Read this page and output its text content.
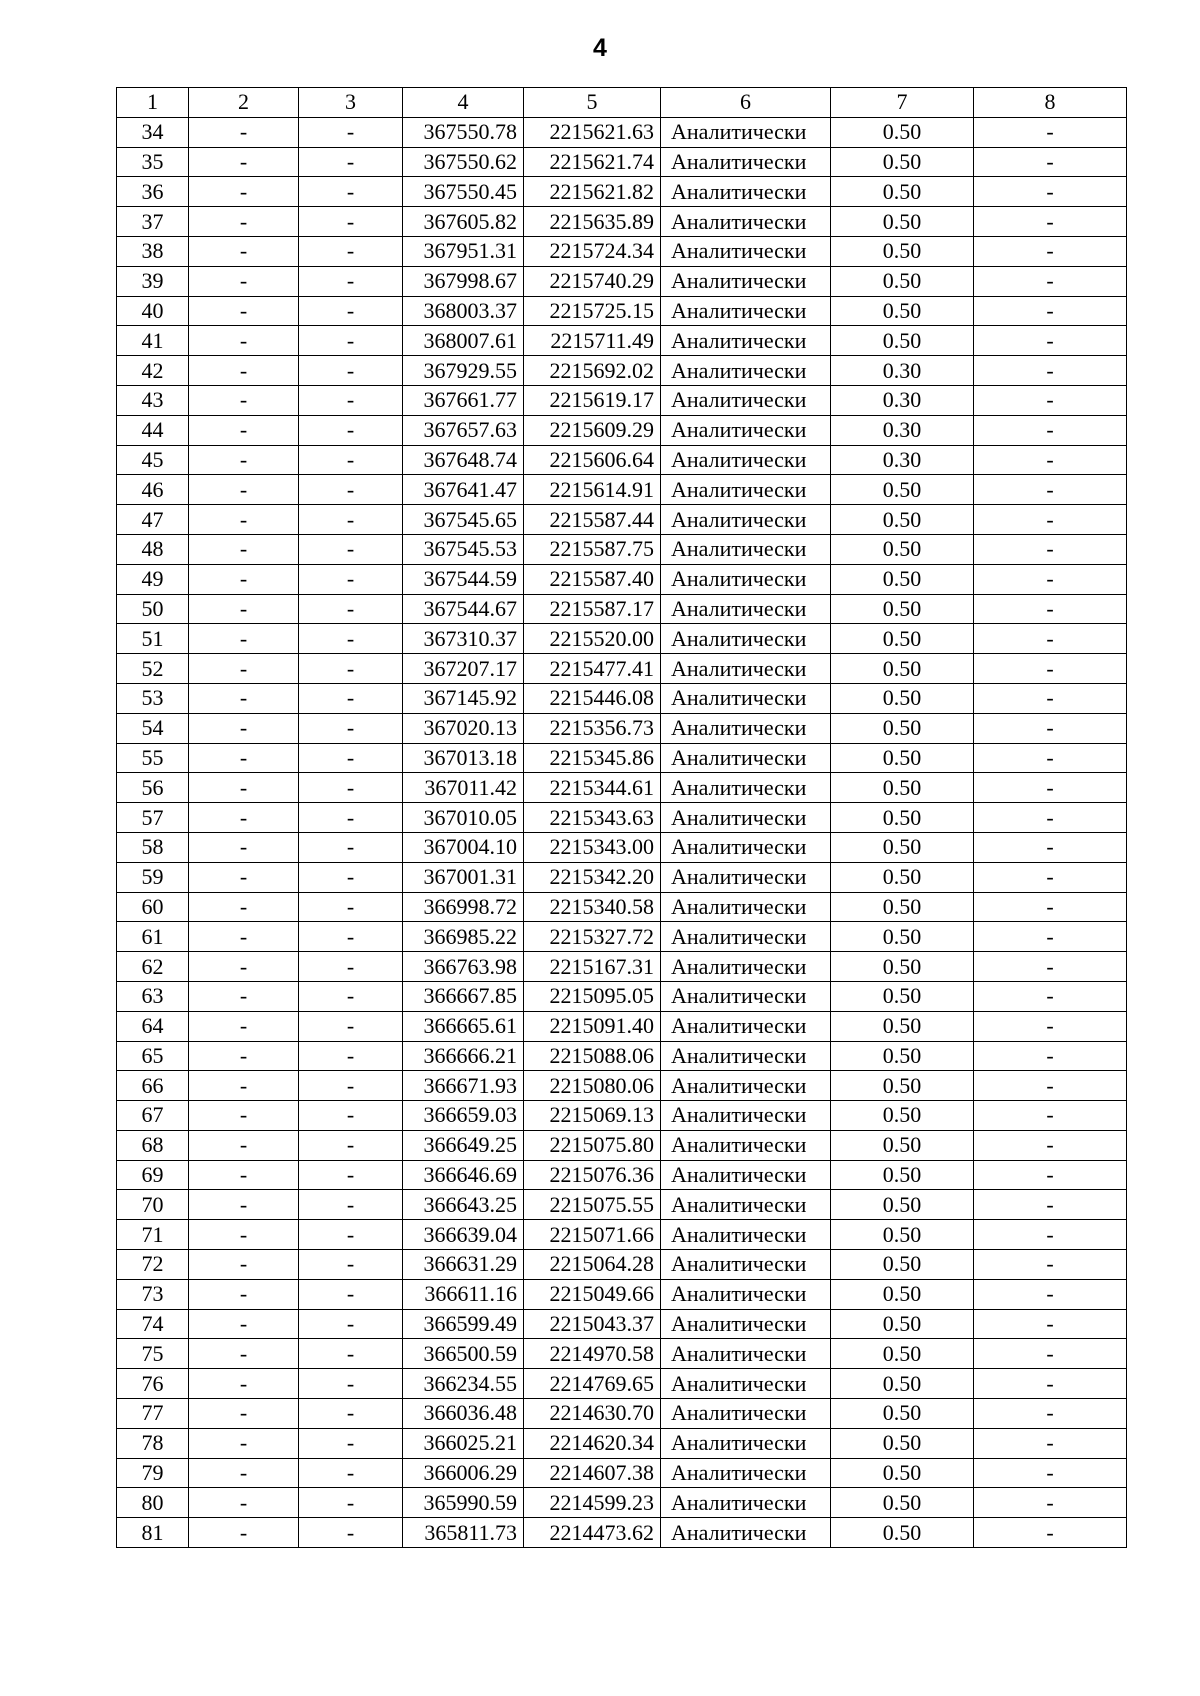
4
1	2	3	4	5	6	7	8
34	-	-	367550.78	2215621.63	Аналитически	0.50	-
35	-	-	367550.62	2215621.74	Аналитически	0.50	-
36	-	-	367550.45	2215621.82	Аналитически	0.50	-
37	-	-	367605.82	2215635.89	Аналитически	0.50	-
38	-	-	367951.31	2215724.34	Аналитически	0.50	-
39	-	-	367998.67	2215740.29	Аналитически	0.50	-
40	-	-	368003.37	2215725.15	Аналитически	0.50	-
41	-	-	368007.61	2215711.49	Аналитически	0.50	-
42	-	-	367929.55	2215692.02	Аналитически	0.30	-
43	-	-	367661.77	2215619.17	Аналитически	0.30	-
44	-	-	367657.63	2215609.29	Аналитически	0.30	-
45	-	-	367648.74	2215606.64	Аналитически	0.30	-
46	-	-	367641.47	2215614.91	Аналитически	0.50	-
47	-	-	367545.65	2215587.44	Аналитически	0.50	-
48	-	-	367545.53	2215587.75	Аналитически	0.50	-
49	-	-	367544.59	2215587.40	Аналитически	0.50	-
50	-	-	367544.67	2215587.17	Аналитически	0.50	-
51	-	-	367310.37	2215520.00	Аналитически	0.50	-
52	-	-	367207.17	2215477.41	Аналитически	0.50	-
53	-	-	367145.92	2215446.08	Аналитически	0.50	-
54	-	-	367020.13	2215356.73	Аналитически	0.50	-
55	-	-	367013.18	2215345.86	Аналитически	0.50	-
56	-	-	367011.42	2215344.61	Аналитически	0.50	-
57	-	-	367010.05	2215343.63	Аналитически	0.50	-
58	-	-	367004.10	2215343.00	Аналитически	0.50	-
59	-	-	367001.31	2215342.20	Аналитически	0.50	-
60	-	-	366998.72	2215340.58	Аналитически	0.50	-
61	-	-	366985.22	2215327.72	Аналитически	0.50	-
62	-	-	366763.98	2215167.31	Аналитически	0.50	-
63	-	-	366667.85	2215095.05	Аналитически	0.50	-
64	-	-	366665.61	2215091.40	Аналитически	0.50	-
65	-	-	366666.21	2215088.06	Аналитически	0.50	-
66	-	-	366671.93	2215080.06	Аналитически	0.50	-
67	-	-	366659.03	2215069.13	Аналитически	0.50	-
68	-	-	366649.25	2215075.80	Аналитически	0.50	-
69	-	-	366646.69	2215076.36	Аналитически	0.50	-
70	-	-	366643.25	2215075.55	Аналитически	0.50	-
71	-	-	366639.04	2215071.66	Аналитически	0.50	-
72	-	-	366631.29	2215064.28	Аналитически	0.50	-
73	-	-	366611.16	2215049.66	Аналитически	0.50	-
74	-	-	366599.49	2215043.37	Аналитически	0.50	-
75	-	-	366500.59	2214970.58	Аналитически	0.50	-
76	-	-	366234.55	2214769.65	Аналитически	0.50	-
77	-	-	366036.48	2214630.70	Аналитически	0.50	-
78	-	-	366025.21	2214620.34	Аналитически	0.50	-
79	-	-	366006.29	2214607.38	Аналитически	0.50	-
80	-	-	365990.59	2214599.23	Аналитически	0.50	-
81	-	-	365811.73	2214473.62	Аналитически	0.50	-
